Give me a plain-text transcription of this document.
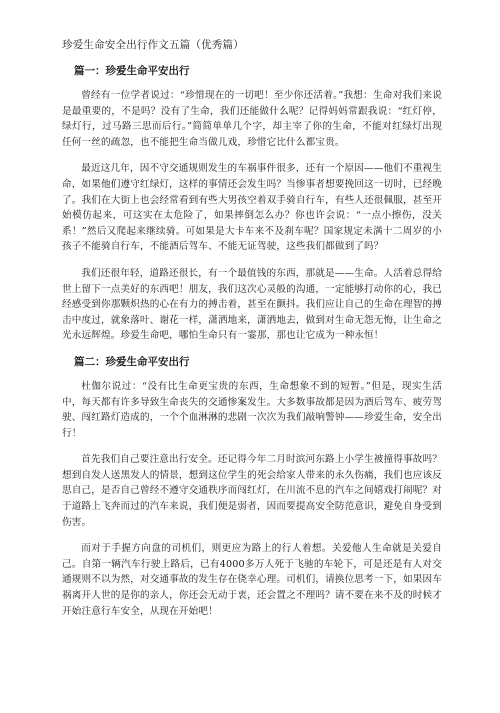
珍爱生命安全出行作文五篇（优秀篇）
篇一：珍爱生命平安出行

曾经有一位学者说过：“珍惜现在的一切吧！至少你还活着。”我想：生命对我们来说是最重要的，不是吗？没有了生命，我们还能做什么呢？记得妈妈常跟我说：“红灯停，绿灯行，过马路三思而后行。”简简单单几个字，却主宰了你的生命，不能对红绿灯出现任何一丝的疏忽，也不能把生命当做儿戏，珍惜它比什么都宝贵。

最近这几年，因不守交通规则发生的车祸事件很多，还有一个原因——他们不重视生命，如果他们遵守红绿灯，这样的事情还会发生吗？当惨事者想要挽回这一切时，已经晚了。我们在大街上也会经常看到有些大男孩空着双手骑自行车，有些人还很佩服，甚至开始模仿起来，可这实在太危险了，如果摔倒怎么办？你也许会说：“一点小擦伤，没关系！”然后又爬起来继续骑。可如果是大卡车来不及刹车呢？国家规定未满十二周岁的小孩子不能骑自行车，不能酒后驾车、不能无证驾驶，这些我们都做到了吗？

我们还很年轻，道路还很长，有一个最值钱的东西，那就是——生命。人活着总得给世上留下一点美好的东西吧！朋友，我们这次心灵般的沟通，一定能够打动你的心，我已经感受到你那颗炽热的心在有力的搏击着，甚至在颤抖。我们应让自己的生命在理智的搏击中度过，就象落叶、谢花一样，潇洒地来，潇洒地去，做到对生命无怨无悔，让生命之光永远辉煌。珍爱生命吧，哪怕生命只有一霎那，那也让它成为一种永恒！

篇二：珍爱生命平安出行

杜伽尔说过：“没有比生命更宝贵的东西，生命想象不到的短暂。”但是，现实生活中，每天都有许多导致生命丧失的交通惨案发生。大多数事故都是因为酒后驾车、疲劳驾驶、闯红路灯造成的，一个个血淋淋的悲剧一次次为我们敲响警钟——珍爱生命，安全出行！

首先我们自己要注意出行安全。还记得今年二月时滨河东路上小学生被撞得事故吗？想到自发人送黑发人的情景，想到这位学生的死会给家人带来的永久伤痛，我们也应该反思自己，是否自己曾经不遵守交通秩序而闯红灯，在川流不息的汽车之间嬉戏打闹呢？对于道路上飞奔而过的汽车来说，我们便是弱者，因而要提高安全防范意识，避免自身受到伤害。

而对于手握方向盘的司机们，则更应为路上的行人着想。关爱他人生命就是关爱自己。自第一辆汽车行驶上路后，已有4000多万人死于飞驰的车轮下，可是还是有人对交通规则不以为然，对交通事故的发生存在侥幸心理。司机们，请换位思考一下，如果因车祸离开人世的是你的亲人，你还会无动于衷，还会置之不理吗？请不要在来不及的时候才开始注意行车安全，从现在开始吧！
